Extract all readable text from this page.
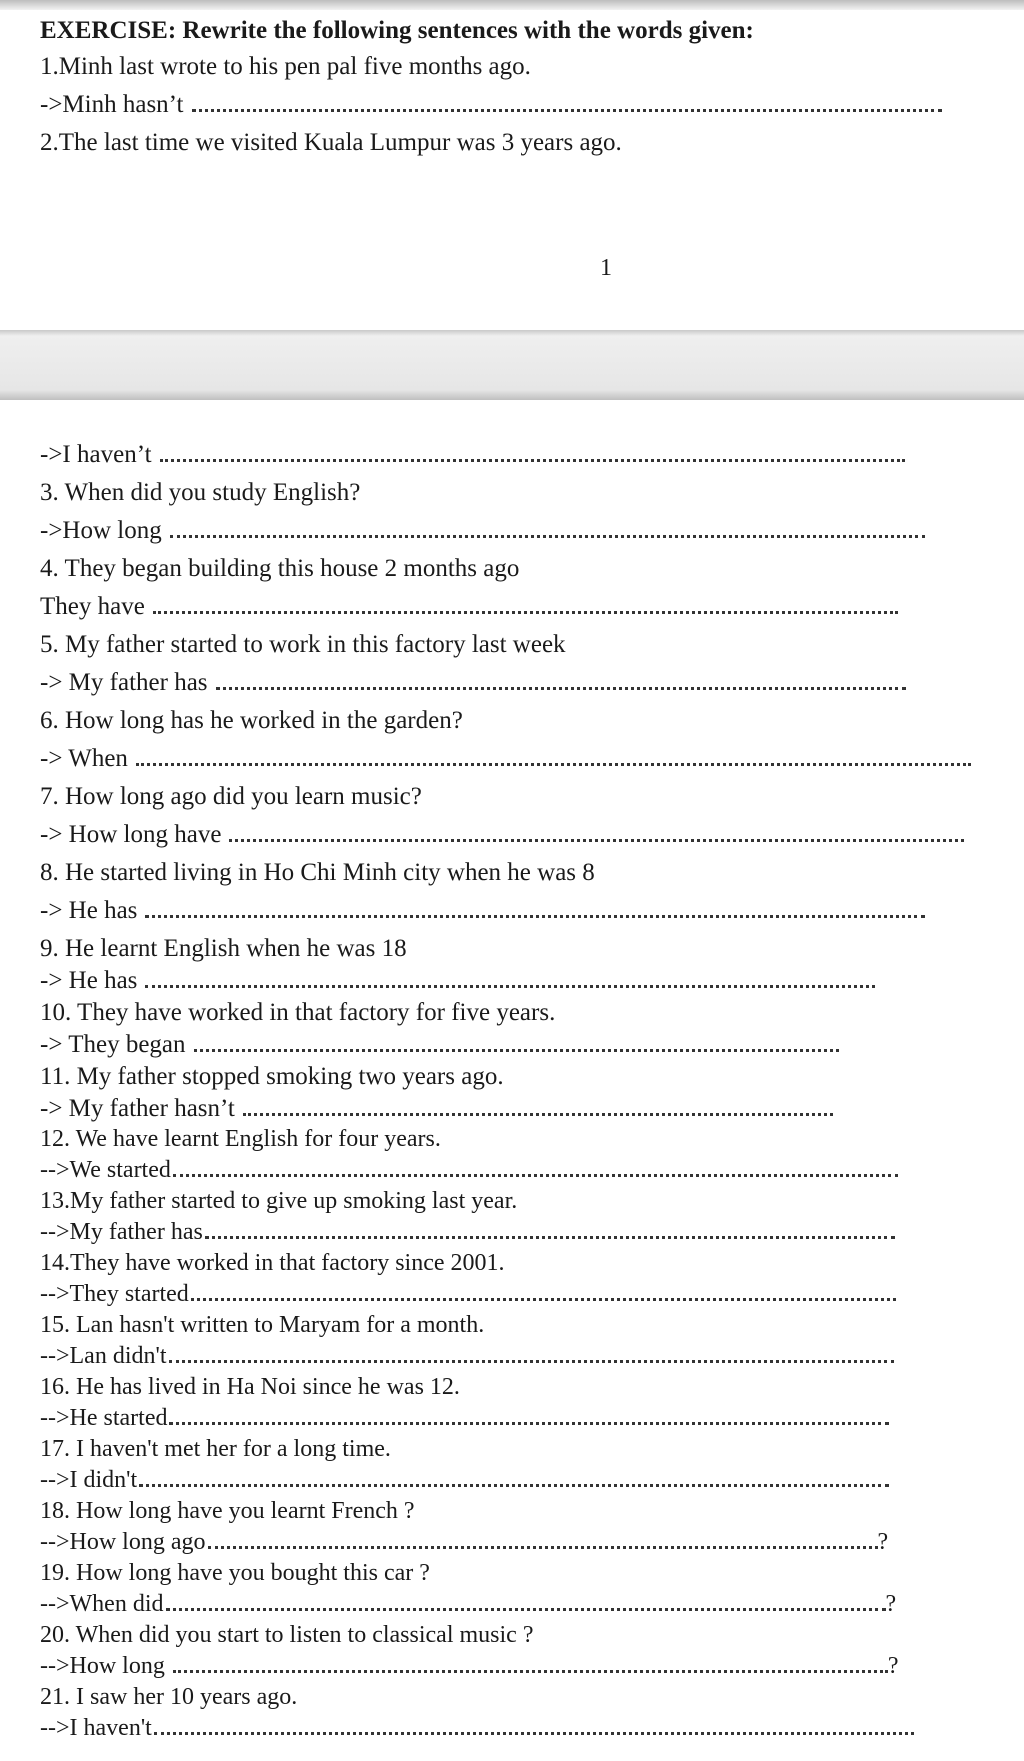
EXERCISE: Rewrite the following sentences with the words given:
1.Minh last wrote to his pen pal five months ago.
->Minh hasn’t
2.The last time we visited Kuala Lumpur was 3 years ago.
1
->I haven’t
3. When did you study English?
->How long
4. They began building this house 2 months ago
They have
5. My father started to work in this factory last week
-> My father has
6. How long has he worked in the garden?
-> When
7. How long ago did you learn music?
-> How long have
8. He started living in Ho Chi Minh city when he was 8
-> He has
9. He learnt English when he was 18
-> He has
10. They have worked in that factory for five years.
-> They began
11. My father stopped smoking two years ago.
-> My father hasn’t
12. We have learnt English for four years.
-->We started
13.My father started to give up smoking last year.
-->My father has
14.They have worked in that factory since 2001.
-->They started
15. Lan hasn't written to Maryam for a month.
-->Lan didn't
16. He has lived in Ha Noi since he was 12.
-->He started
17. I haven't met her for a long time.
-->I didn't
18. How long have you learnt French ?
-->How long ago	?
19. How long have you bought this car ?
-->When did	?
20. When did you start to listen to classical music ?
-->How long	?
21. I saw her 10 years ago.
-->I haven't
